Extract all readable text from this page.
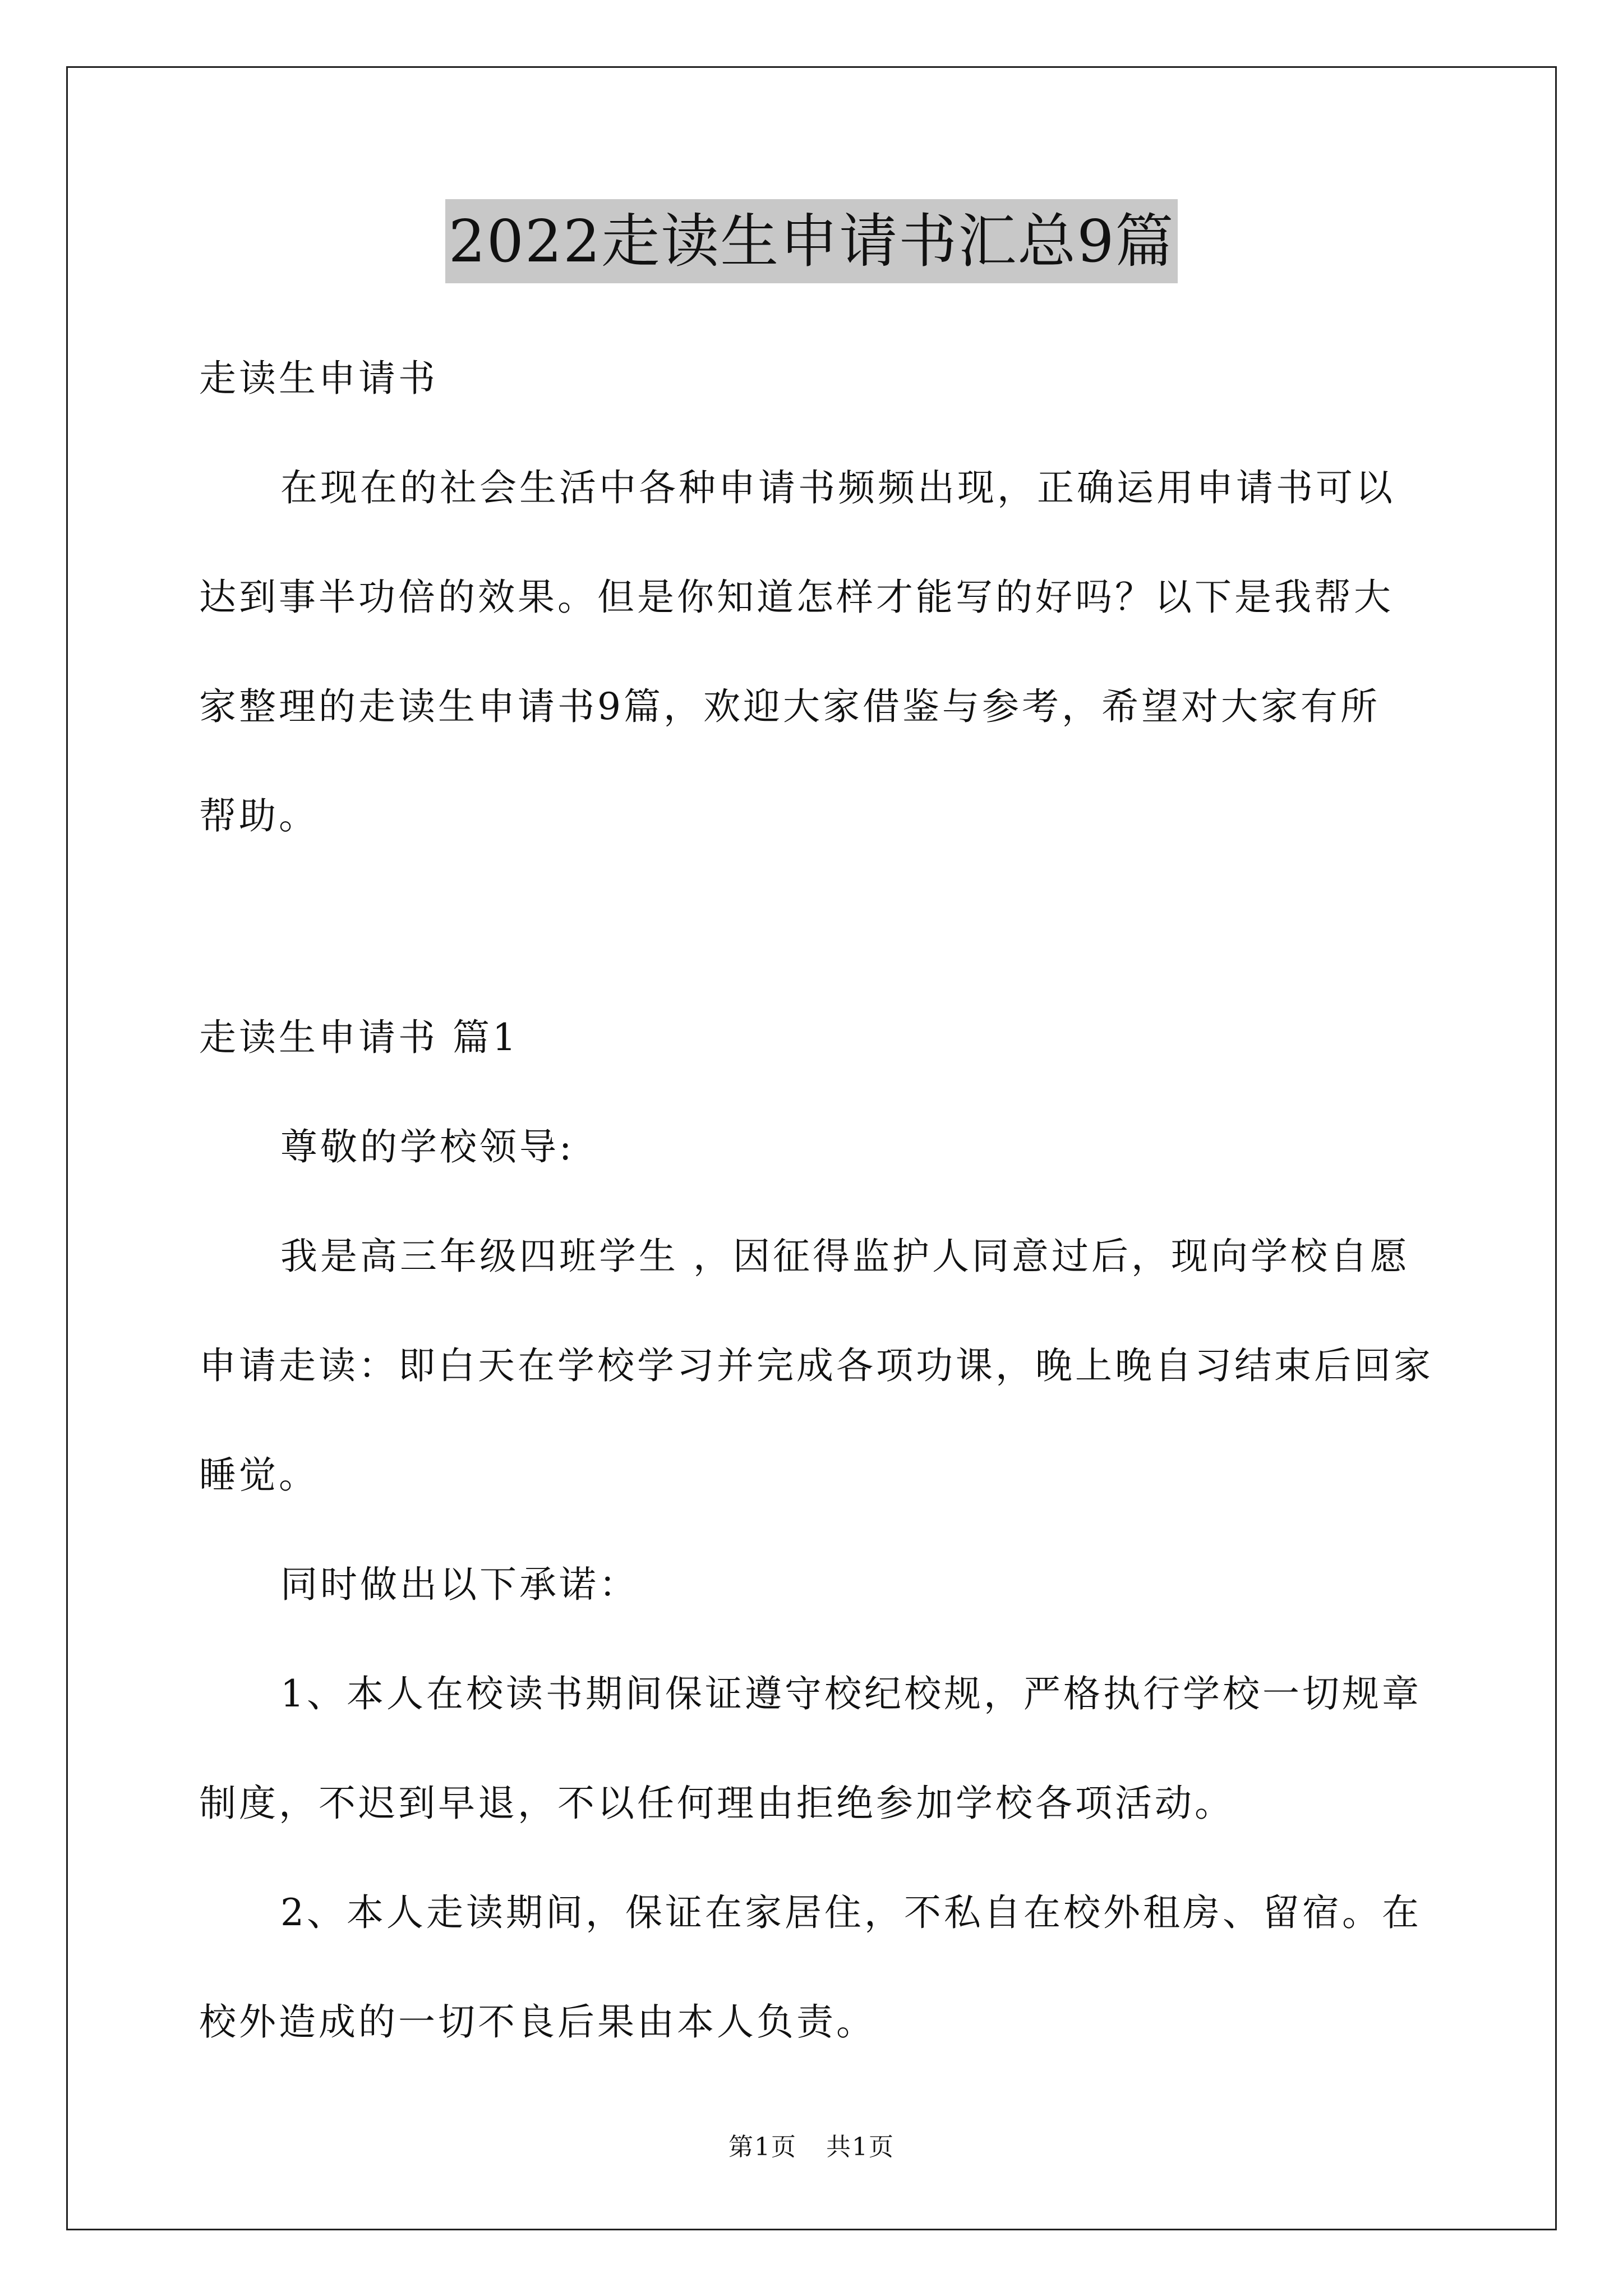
2022走读生申请书汇总9篇
走读生申请书
在现在的社会生活中各种申请书频频出现，正确运用申请书可以
达到事半功倍的效果。但是你知道怎样才能写的好吗？以下是我帮大
家整理的走读生申请书9篇，欢迎大家借鉴与参考，希望对大家有所
帮助。
走读生申请书 篇1
尊敬的学校领导:
我是高三年级四班学生 ，因征得监护人同意过后，现向学校自愿
申请走读：即白天在学校学习并完成各项功课，晚上晚自习结束后回家
睡觉。
同时做出以下承诺：
1、本人在校读书期间保证遵守校纪校规，严格执行学校一切规章
制度，不迟到早退，不以任何理由拒绝参加学校各项活动。
2、本人走读期间，保证在家居住，不私自在校外租房、留宿。在
校外造成的一切不良后果由本人负责。
第1页 共1页
